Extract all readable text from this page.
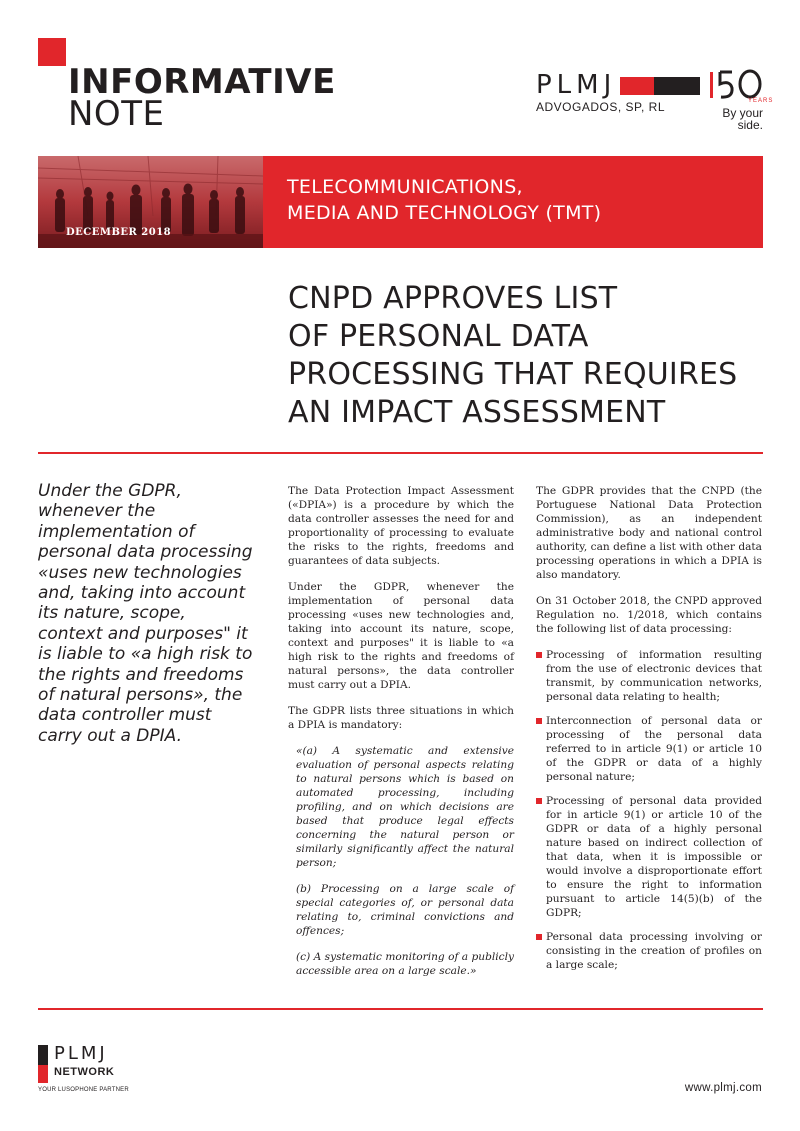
INFORMATIVE
NOTE
PLMJ
ADVOGADOS, SP, RL	YEARS
By your
side.
DECEMBER 2018
TELECOMMUNICATIONS,
MEDIA AND TECHNOLOGY (TMT)
CNPD APPROVES LIST
OF PERSONAL DATA
PROCESSING THAT REQUIRES
AN IMPACT ASSESSMENT
Under the GDPR, whenever the implementation of personal data processing «uses new technologies and, taking into account its nature, scope, context and purposes" it is liable to «a high risk to the rights and freedoms of natural persons», the data controller must carry out a DPIA.

The Data Protection Impact Assessment («DPIA») is a procedure by which the data controller assesses the need for and proportionality of processing to evaluate the risks to the rights, freedoms and guarantees of data subjects.

Under the GDPR, whenever the implementation of personal data processing «uses new technologies and, taking into account its nature, scope, context and purposes" it is liable to «a high risk to the rights and freedoms of natural persons», the data controller must carry out a DPIA.

The GDPR lists three situations in which a DPIA is mandatory:

«(a) A systematic and extensive evaluation of personal aspects relating to natural persons which is based on automated processing, including profiling, and on which decisions are based that produce legal effects concerning the natural person or similarly significantly affect the natural person;

(b) Processing on a large scale of special categories of, or personal data relating to, criminal convictions and offences;

(c) A systematic monitoring of a publicly accessible area on a large scale.»

The GDPR provides that the CNPD (the Portuguese National Data Protection Commission), as an independent administrative body and national control authority, can define a list with other data processing operations in which a DPIA is also mandatory.

On 31 October 2018, the CNPD approved Regulation no. 1/2018, which contains the following list of data processing:

Processing of information resulting from the use of electronic devices that transmit, by communication networks, personal data relating to health;
Interconnection of personal data or processing of the personal data referred to in article 9(1) or article 10 of the GDPR or data of a highly personal nature;
Processing of personal data provided for in article 9(1) or article 10 of the GDPR or data of a highly personal nature based on indirect collection of that data, when it is impossible or would involve a disproportionate effort to ensure the right to information pursuant to article 14(5)(b) of the GDPR;
Personal data processing involving or consisting in the creation of profiles on a large scale;
PLMJ
NETWORK
YOUR LUSOPHONE PARTNER	www.plmj.com
